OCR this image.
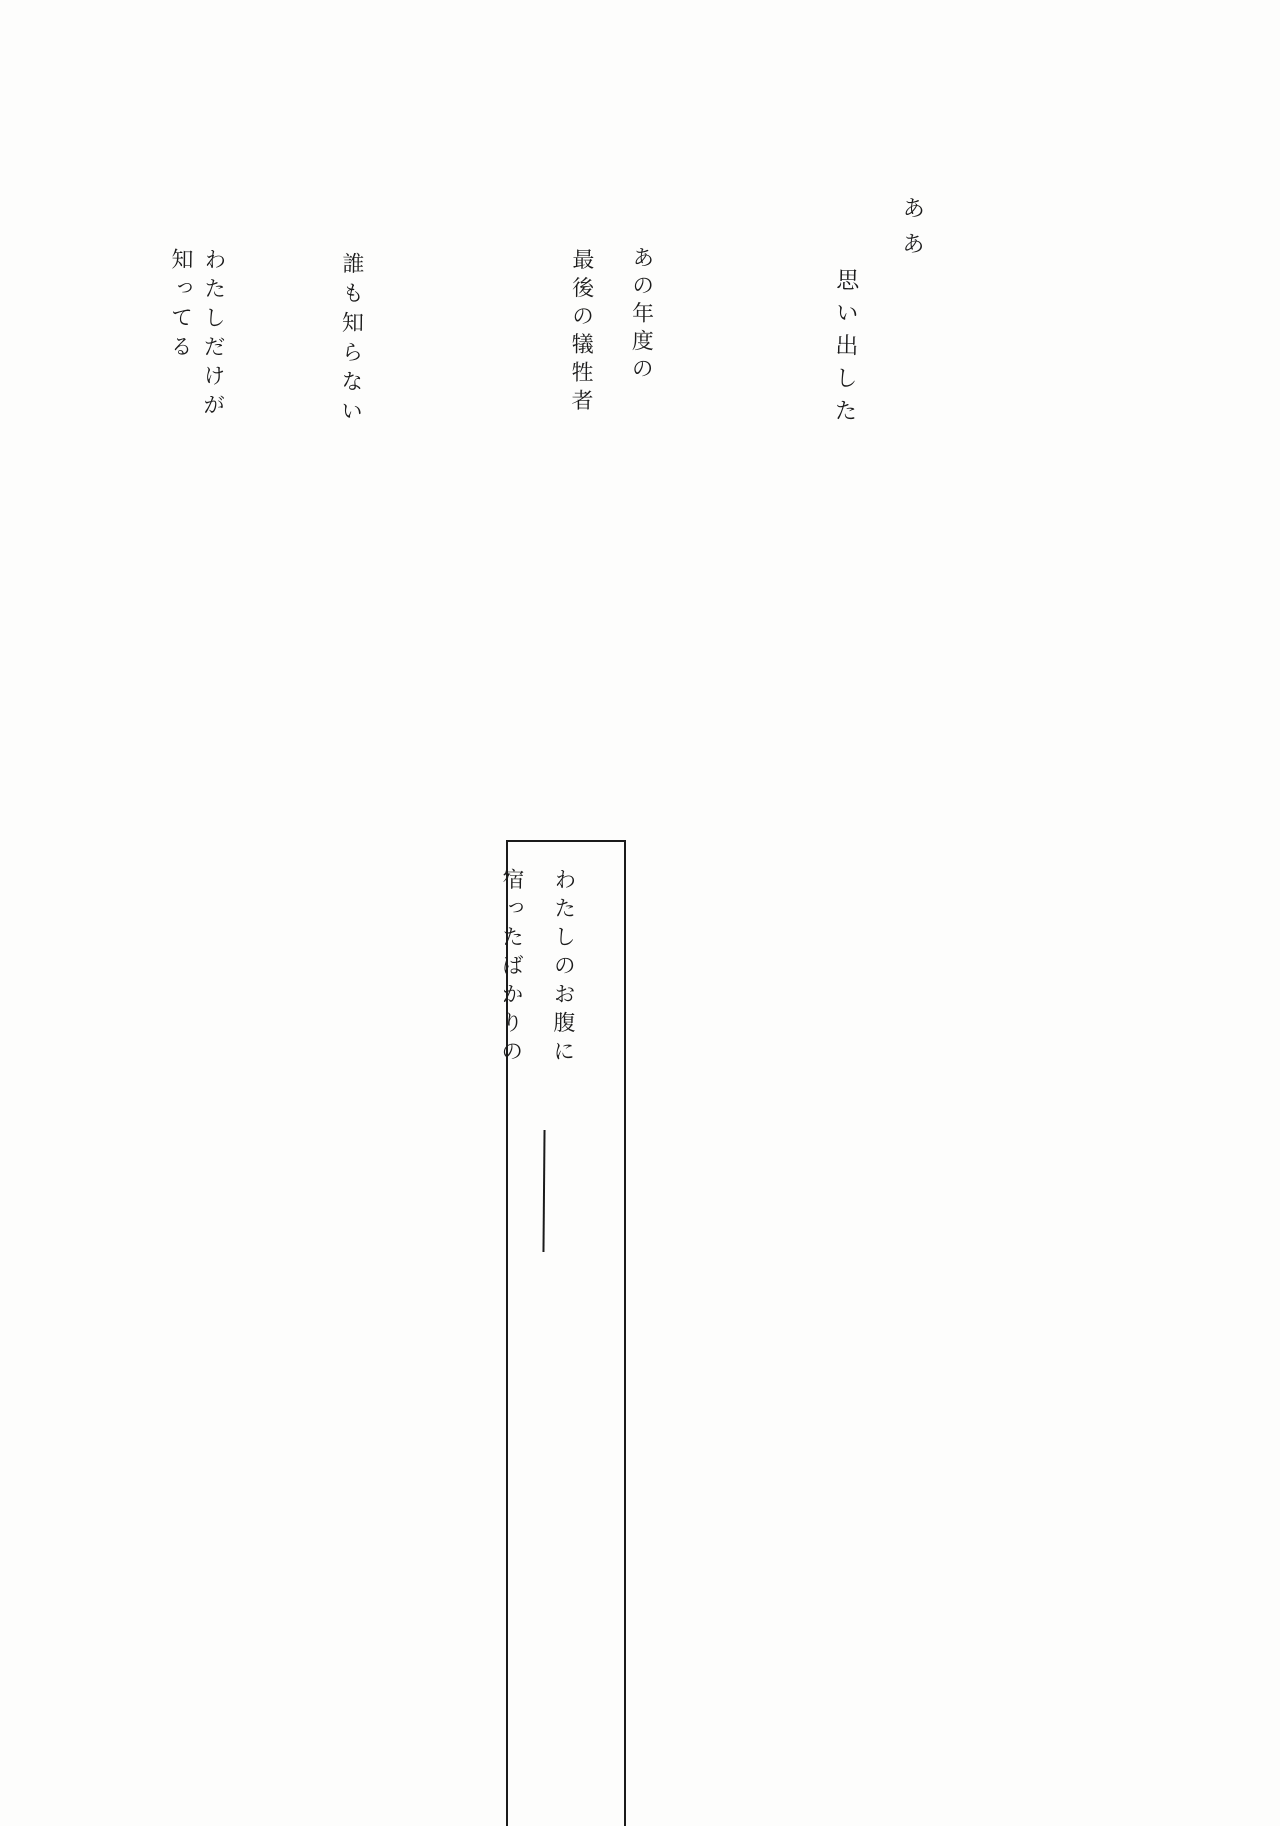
ああ
思い出した
最後の犠牲者 あの年度の
誰も知らない
わたしだけが
知ってる
わたしのお腹に
宿ったばかりの
